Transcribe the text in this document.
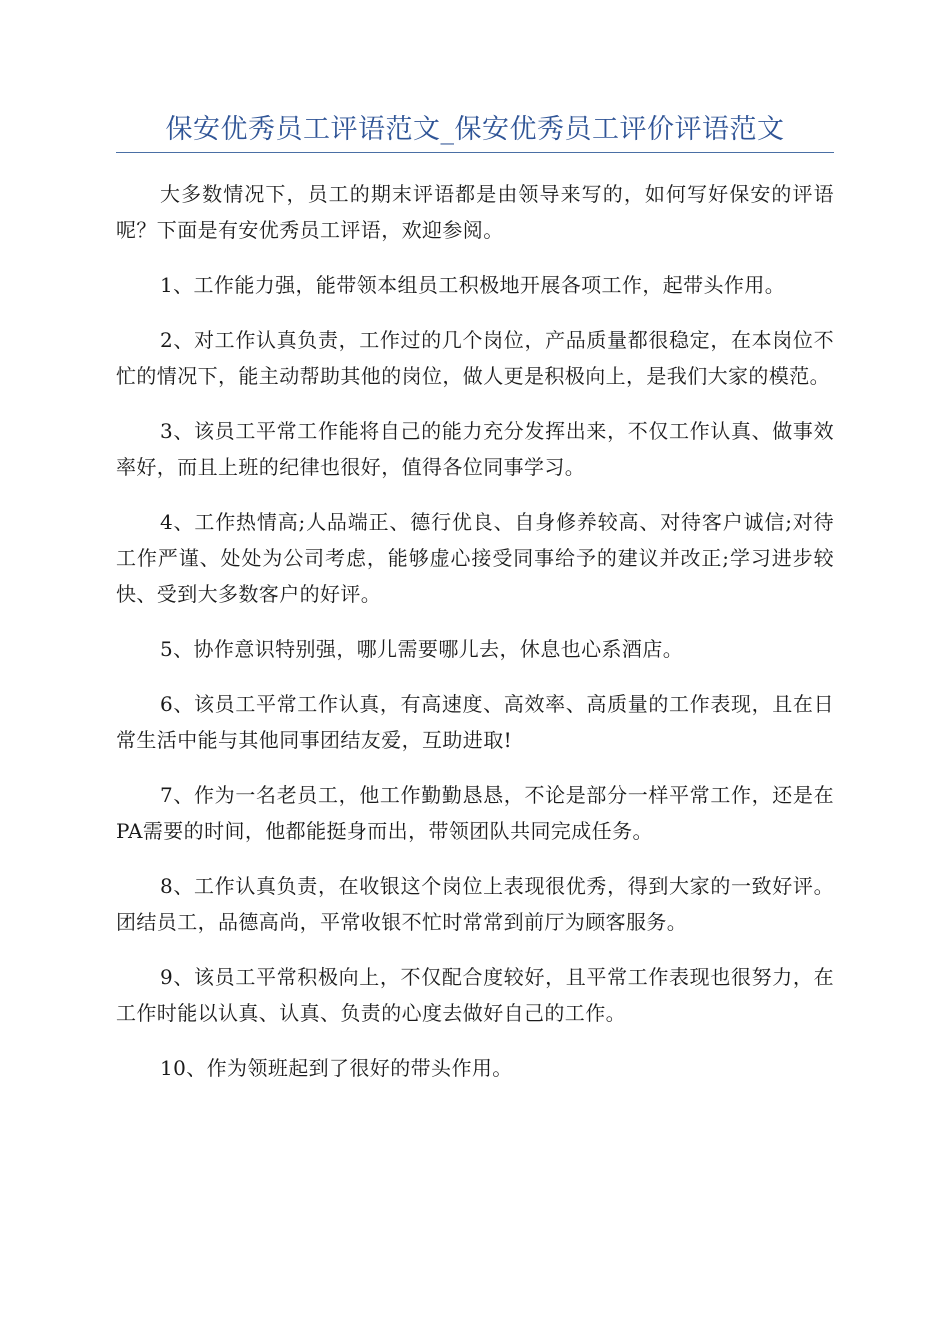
保安优秀员工评语范文_保安优秀员工评价评语范文

大多数情况下，员工的期末评语都是由领导来写的，如何写好保安的评语呢？下面是有安优秀员工评语，欢迎参阅。

1、工作能力强，能带领本组员工积极地开展各项工作，起带头作用。

2、对工作认真负责，工作过的几个岗位，产品质量都很稳定，在本岗位不忙的情况下，能主动帮助其他的岗位，做人更是积极向上，是我们大家的模范。

3、该员工平常工作能将自己的能力充分发挥出来，不仅工作认真、做事效率好，而且上班的纪律也很好，值得各位同事学习。

4、工作热情高;人品端正、德行优良、自身修养较高、对待客户诚信;对待工作严谨、处处为公司考虑，能够虚心接受同事给予的建议并改正;学习进步较快、受到大多数客户的好评。

5、协作意识特别强，哪儿需要哪儿去，休息也心系酒店。

6、该员工平常工作认真，有高速度、高效率、高质量的工作表现，且在日常生活中能与其他同事团结友爱，互助进取!

7、作为一名老员工，他工作勤勤恳恳，不论是部分一样平常工作，还是在PA需要的时间，他都能挺身而出，带领团队共同完成任务。

8、工作认真负责，在收银这个岗位上表现很优秀，得到大家的一致好评。团结员工，品德高尚，平常收银不忙时常常到前厅为顾客服务。

9、该员工平常积极向上，不仅配合度较好，且平常工作表现也很努力，在工作时能以认真、认真、负责的心度去做好自己的工作。

10、作为领班起到了很好的带头作用。
